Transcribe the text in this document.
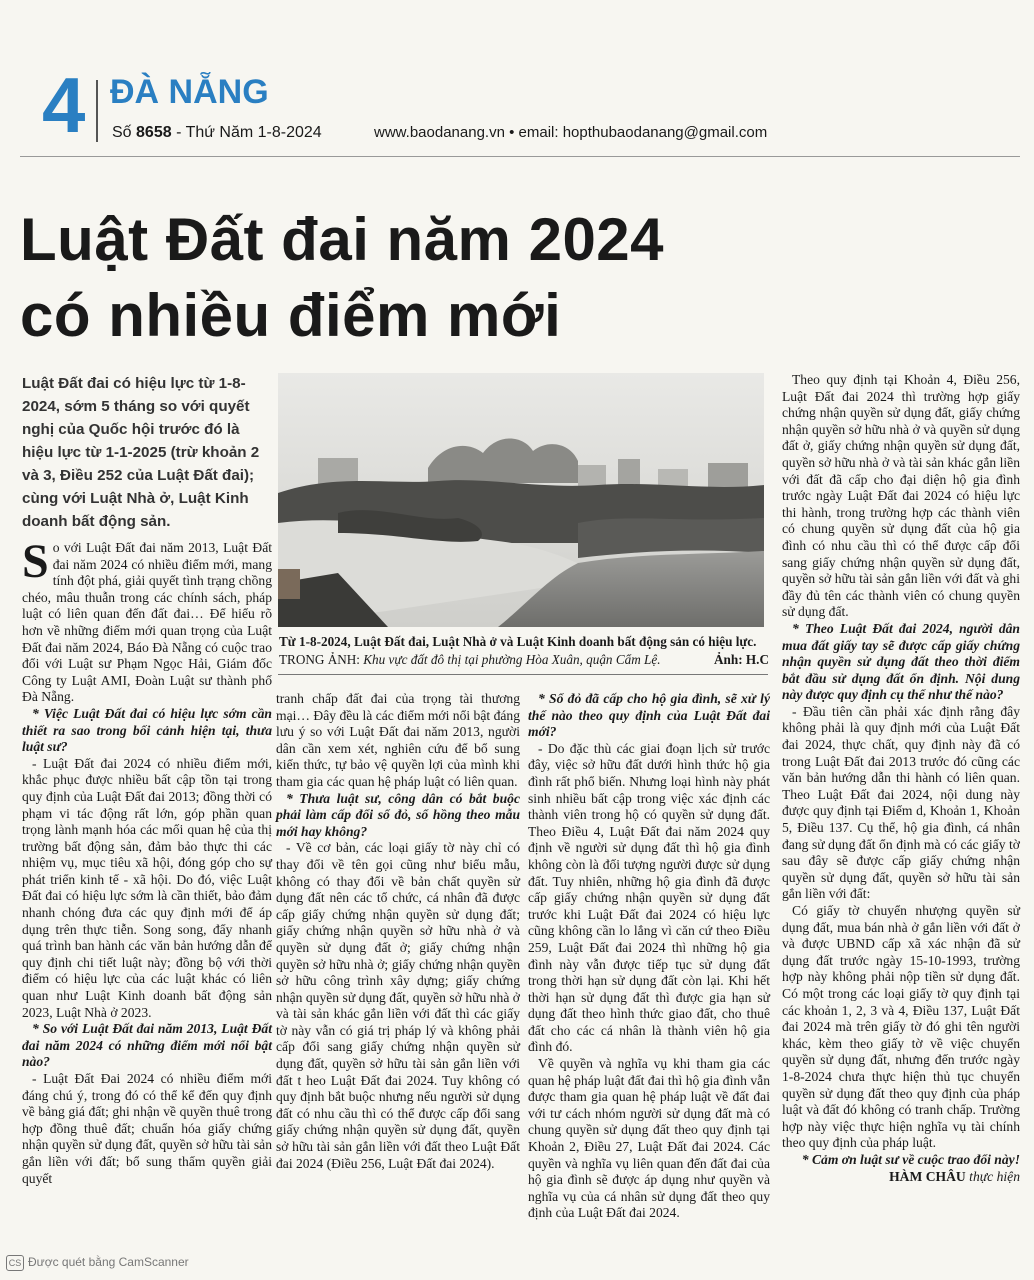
4 ĐÀ NẴNG
Số 8658 - Thứ Năm 1-8-2024	www.baodanang.vn • email: hopthubaodanang@gmail.com
Luật Đất đai năm 2024
có nhiều điểm mới
Luật Đất đai có hiệu lực từ 1-8-2024, sớm 5 tháng so với quyết nghị của Quốc hội trước đó là hiệu lực từ 1-1-2025 (trừ khoản 2 và 3, Điều 252 của Luật Đất đai); cùng với Luật Nhà ở, Luật Kinh doanh bất động sản.
Từ 1-8-2024, Luật Đất đai, Luật Nhà ở và Luật Kinh doanh bất động sản có hiệu lực.
TRONG ẢNH: Khu vực đất đô thị tại phường Hòa Xuân, quận Cẩm Lệ.	Ảnh: H.C

So với Luật Đất đai năm 2013, Luật Đất đai năm 2024 có nhiều điểm mới, mang tính đột phá, giải quyết tình trạng chồng chéo, mâu thuẫn trong các chính sách, pháp luật có liên quan đến đất đai… Để hiểu rõ hơn về những điểm mới quan trọng của Luật Đất đai năm 2024, Báo Đà Nẵng có cuộc trao đổi với Luật sư Phạm Ngọc Hải, Giám đốc Công ty Luật AMI, Đoàn Luật sư thành phố Đà Nẵng.

* Việc Luật Đất đai có hiệu lực sớm cần thiết ra sao trong bối cảnh hiện tại, thưa luật sư?

- Luật Đất đai 2024 có nhiều điểm mới, khắc phục được nhiều bất cập tồn tại trong quy định của Luật Đất đai 2013; đồng thời có phạm vi tác động rất lớn, góp phần quan trọng lành mạnh hóa các mối quan hệ của thị trường bất động sản, đảm bảo thực thi các nhiệm vụ, mục tiêu xã hội, đóng góp cho sự phát triển kinh tế - xã hội. Do đó, việc Luật Đất đai có hiệu lực sớm là cần thiết, bảo đảm nhanh chóng đưa các quy định mới để áp dụng trên thực tiễn. Song song, đẩy nhanh quá trình ban hành các văn bản hướng dẫn để quy định chi tiết luật này; đồng bộ với thời điểm có hiệu lực của các luật khác có liên quan như Luật Kinh doanh bất động sản 2023, Luật Nhà ở 2023.

* So với Luật Đất đai năm 2013, Luật Đất đai năm 2024 có những điểm mới nổi bật nào?

- Luật Đất Đai 2024 có nhiều điểm mới đáng chú ý, trong đó có thể kể đến quy định về bảng giá đất; ghi nhận về quyền thuê trong hợp đồng thuê đất; chuẩn hóa giấy chứng nhận quyền sử dụng đất, quyền sở hữu tài sản gắn liền với đất; bổ sung thẩm quyền giải quyết

tranh chấp đất đai của trọng tài thương mại… Đây đều là các điểm mới nổi bật đáng lưu ý so với Luật Đất đai năm 2013, người dân cần xem xét, nghiên cứu để bổ sung kiến thức, tự bảo vệ quyền lợi của mình khi tham gia các quan hệ pháp luật có liên quan.

* Thưa luật sư, công dân có bắt buộc phải làm cấp đổi sổ đỏ, sổ hồng theo mẫu mới hay không?

- Về cơ bản, các loại giấy tờ này chỉ có thay đổi về tên gọi cũng như biểu mẫu, không có thay đổi về bản chất quyền sử dụng đất nên các tổ chức, cá nhân đã được cấp giấy chứng nhận quyền sử dụng đất; giấy chứng nhận quyền sở hữu nhà ở và quyền sử dụng đất ở; giấy chứng nhận quyền sở hữu nhà ở; giấy chứng nhận quyền sở hữu công trình xây dựng; giấy chứng nhận quyền sử dụng đất, quyền sở hữu nhà ở và tài sản khác gắn liền với đất thì các giấy tờ này vẫn có giá trị pháp lý và không phải cấp đổi sang giấy chứng nhận quyền sử dụng đất, quyền sở hữu tài sản gắn liền với đất t heo Luật Đất đai 2024. Tuy không có quy định bắt buộc nhưng nếu người sử dụng đất có nhu cầu thì có thể được cấp đổi sang giấy chứng nhận quyền sử dụng đất, quyền sở hữu tài sản gắn liền với đất theo Luật Đất đai 2024 (Điều 256, Luật Đất đai 2024).

* Sổ đỏ đã cấp cho hộ gia đình, sẽ xử lý thế nào theo quy định của Luật Đất đai mới?

- Do đặc thù các giai đoạn lịch sử trước đây, việc sở hữu đất dưới hình thức hộ gia đình rất phổ biến. Nhưng loại hình này phát sinh nhiều bất cập trong việc xác định các thành viên trong hộ có quyền sử dụng đất. Theo Điều 4, Luật Đất đai năm 2024 quy định về người sử dụng đất thì hộ gia đình không còn là đối tượng người được sử dụng đất. Tuy nhiên, những hộ gia đình đã được cấp giấy chứng nhận quyền sử dụng đất trước khi Luật Đất đai 2024 có hiệu lực cũng không cần lo lắng vì căn cứ theo Điều 259, Luật Đất đai 2024 thì những hộ gia đình này vẫn được tiếp tục sử dụng đất trong thời hạn sử dụng đất còn lại. Khi hết thời hạn sử dụng đất thì được gia hạn sử dụng đất theo hình thức giao đất, cho thuê đất cho các cá nhân là thành viên hộ gia đình đó.

Về quyền và nghĩa vụ khi tham gia các quan hệ pháp luật đất đai thì hộ gia đình vẫn được tham gia quan hệ pháp luật về đất đai với tư cách nhóm người sử dụng đất mà có chung quyền sử dụng đất theo quy định tại Khoản 2, Điều 27, Luật Đất đai 2024. Các quyền và nghĩa vụ liên quan đến đất đai của hộ gia đình sẽ được áp dụng như quyền và nghĩa vụ của cá nhân sử dụng đất theo quy định của Luật Đất đai 2024.

Theo quy định tại Khoản 4, Điều 256, Luật Đất đai 2024 thì trường hợp giấy chứng nhận quyền sử dụng đất, giấy chứng nhận quyền sở hữu nhà ở và quyền sử dụng đất ở, giấy chứng nhận quyền sử dụng đất, quyền sở hữu nhà ở và tài sản khác gắn liền với đất đã cấp cho đại diện hộ gia đình trước ngày Luật Đất đai 2024 có hiệu lực thi hành, trong trường hợp các thành viên có chung quyền sử dụng đất của hộ gia đình có nhu cầu thì có thể được cấp đổi sang giấy chứng nhận quyền sử dụng đất, quyền sở hữu tài sản gắn liền với đất và ghi đầy đủ tên các thành viên có chung quyền sử dụng đất.

* Theo Luật Đất đai 2024, người dân mua đất giấy tay sẽ được cấp giấy chứng nhận quyền sử dụng đất theo thời điểm bắt đầu sử dụng đất ổn định. Nội dung này được quy định cụ thể như thế nào?

- Đầu tiên cần phải xác định rằng đây không phải là quy định mới của Luật Đất đai 2024, thực chất, quy định này đã có trong Luật Đất đai 2013 trước đó cũng các văn bản hướng dẫn thi hành có liên quan. Theo Luật Đất đai 2024, nội dung này được quy định tại Điểm d, Khoản 1, Khoản 5, Điều 137. Cụ thể, hộ gia đình, cá nhân đang sử dụng đất ổn định mà có các giấy tờ sau đây sẽ được cấp giấy chứng nhận quyền sử dụng đất, quyền sở hữu tài sản gắn liền với đất:

Có giấy tờ chuyển nhượng quyền sử dụng đất, mua bán nhà ở gắn liền với đất ở và được UBND cấp xã xác nhận đã sử dụng đất trước ngày 15-10-1993, trường hợp này không phải nộp tiền sử dụng đất. Có một trong các loại giấy tờ quy định tại các khoản 1, 2, 3 và 4, Điều 137, Luật Đất đai 2024 mà trên giấy tờ đó ghi tên người khác, kèm theo giấy tờ về việc chuyển quyền sử dụng đất, nhưng đến trước ngày 1-8-2024 chưa thực hiện thủ tục chuyển quyền sử dụng đất theo quy định của pháp luật và đất đó không có tranh chấp. Trường hợp này việc thực hiện nghĩa vụ tài chính theo quy định của pháp luật.

* Cảm ơn luật sư về cuộc trao đổi này!

HÀM CHÂU thực hiện

CS Được quét bằng CamScanner
